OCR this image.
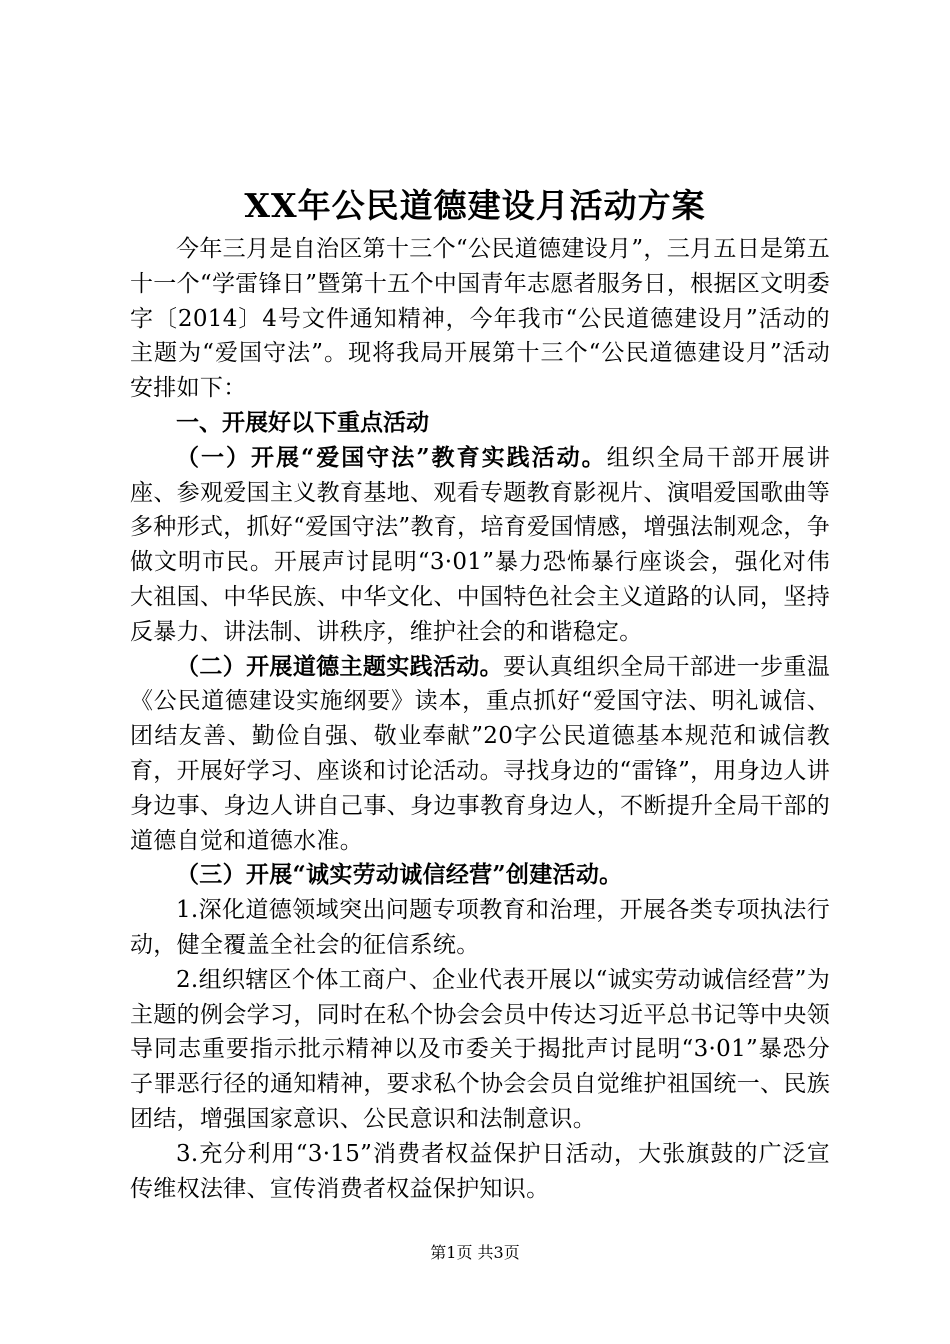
XX年公民道德建设月活动方案

今年三月是自治区第十三个“公民道德建设月”，三月五日是第五十一个“学雷锋日”暨第十五个中国青年志愿者服务日，根据区文明委字〔2014〕4号文件通知精神，今年我市“公民道德建设月”活动的主题为“爱国守法”。现将我局开展第十三个“公民道德建设月”活动安排如下：

一、开展好以下重点活动

（一）开展“爱国守法”教育实践活动。组织全局干部开展讲座、参观爱国主义教育基地、观看专题教育影视片、演唱爱国歌曲等多种形式，抓好“爱国守法”教育，培育爱国情感，增强法制观念，争做文明市民。开展声讨昆明“3·01”暴力恐怖暴行座谈会，强化对伟大祖国、中华民族、中华文化、中国特色社会主义道路的认同，坚持反暴力、讲法制、讲秩序，维护社会的和谐稳定。

（二）开展道德主题实践活动。要认真组织全局干部进一步重温《公民道德建设实施纲要》读本，重点抓好“爱国守法、明礼诚信、团结友善、勤俭自强、敬业奉献”20字公民道德基本规范和诚信教育，开展好学习、座谈和讨论活动。寻找身边的“雷锋”，用身边人讲身边事、身边人讲自己事、身边事教育身边人，不断提升全局干部的道德自觉和道德水准。

（三）开展“诚实劳动诚信经营”创建活动。

1.深化道德领域突出问题专项教育和治理，开展各类专项执法行动，健全覆盖全社会的征信系统。

2.组织辖区个体工商户、企业代表开展以“诚实劳动诚信经营”为主题的例会学习，同时在私个协会会员中传达习近平总书记等中央领导同志重要指示批示精神以及市委关于揭批声讨昆明“3·01”暴恐分子罪恶行径的通知精神，要求私个协会会员自觉维护祖国统一、民族团结，增强国家意识、公民意识和法制意识。

3.充分利用“3·15”消费者权益保护日活动，大张旗鼓的广泛宣传维权法律、宣传消费者权益保护知识。

第1页 共3页
